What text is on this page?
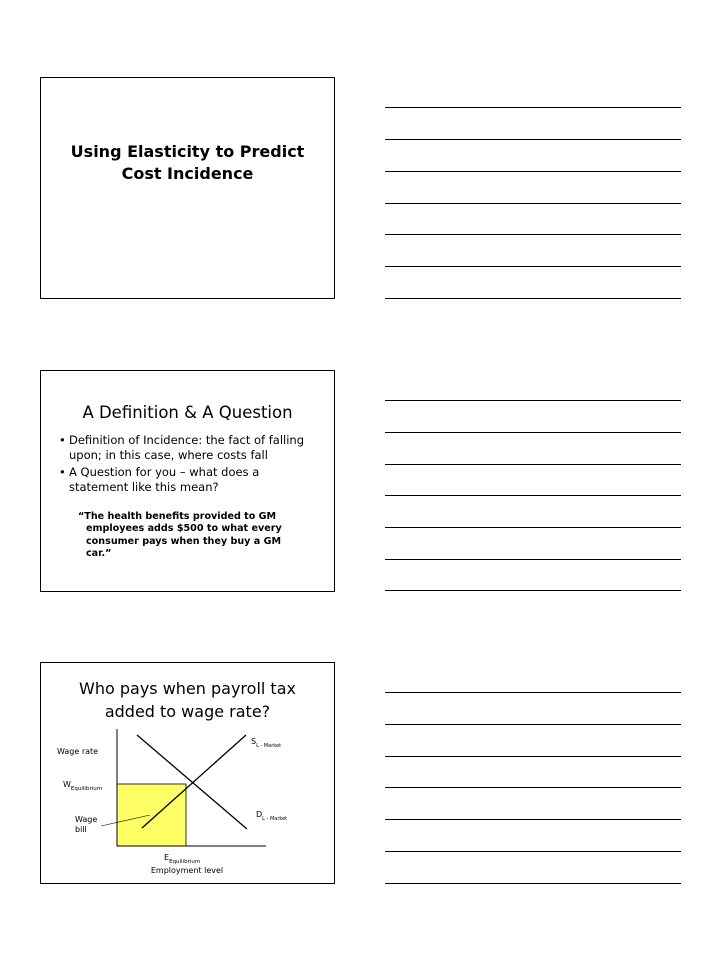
Using Elasticity to Predict
Cost Incidence
A Definition & A Question
• Definition of Incidence: the fact of falling upon; in this case, where costs fall
• A Question for you – what does a statement like this mean?
“The health benefits provided to GM employees adds $500 to what every consumer pays when they buy a GM car.”
Who pays when payroll tax
added to wage rate?
Wage rate
$S_{L - Market}$
$W_{Equilibrium}$
$D_{L - Market}$
Wage
bill
$E_{Equilibrium}$
Employment level
